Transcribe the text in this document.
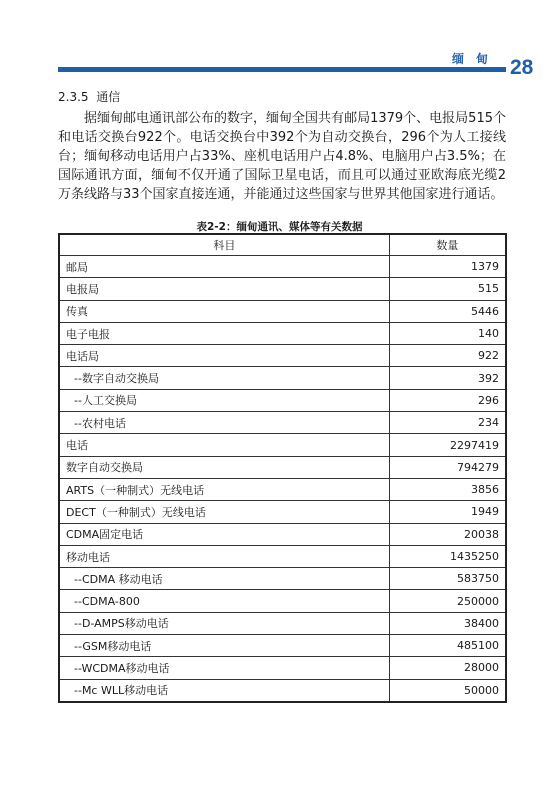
缅甸 28
2.3.5 通信

据缅甸邮电通讯部公布的数字，缅甸全国共有邮局1379个、电报局515个和电话交换台922个。电话交换台中392个为自动交换台，296个为人工接线台；缅甸移动电话用户占33%、座机电话用户占4.8%、电脑用户占3.5%；在国际通讯方面，缅甸不仅开通了国际卫星电话，而且可以通过亚欧海底光缆2万条线路与33个国家直接连通，并能通过这些国家与世界其他国家进行通话。

表2-2：缅甸通讯、媒体等有关数据
科目	数量
邮局	1379
电报局	515
传真	5446
电子电报	140
电话局	922
--数字自动交换局	392
--人工交换局	296
--农村电话	234
电话	2297419
数字自动交换局	794279
ARTS（一种制式）无线电话	3856
DECT（一种制式）无线电话	1949
CDMA固定电话	20038
移动电话	1435250
--CDMA 移动电话	583750
--CDMA-800	250000
--D-AMPS移动电话	38400
--GSM移动电话	485100
--WCDMA移动电话	28000
--Mc WLL移动电话	50000
